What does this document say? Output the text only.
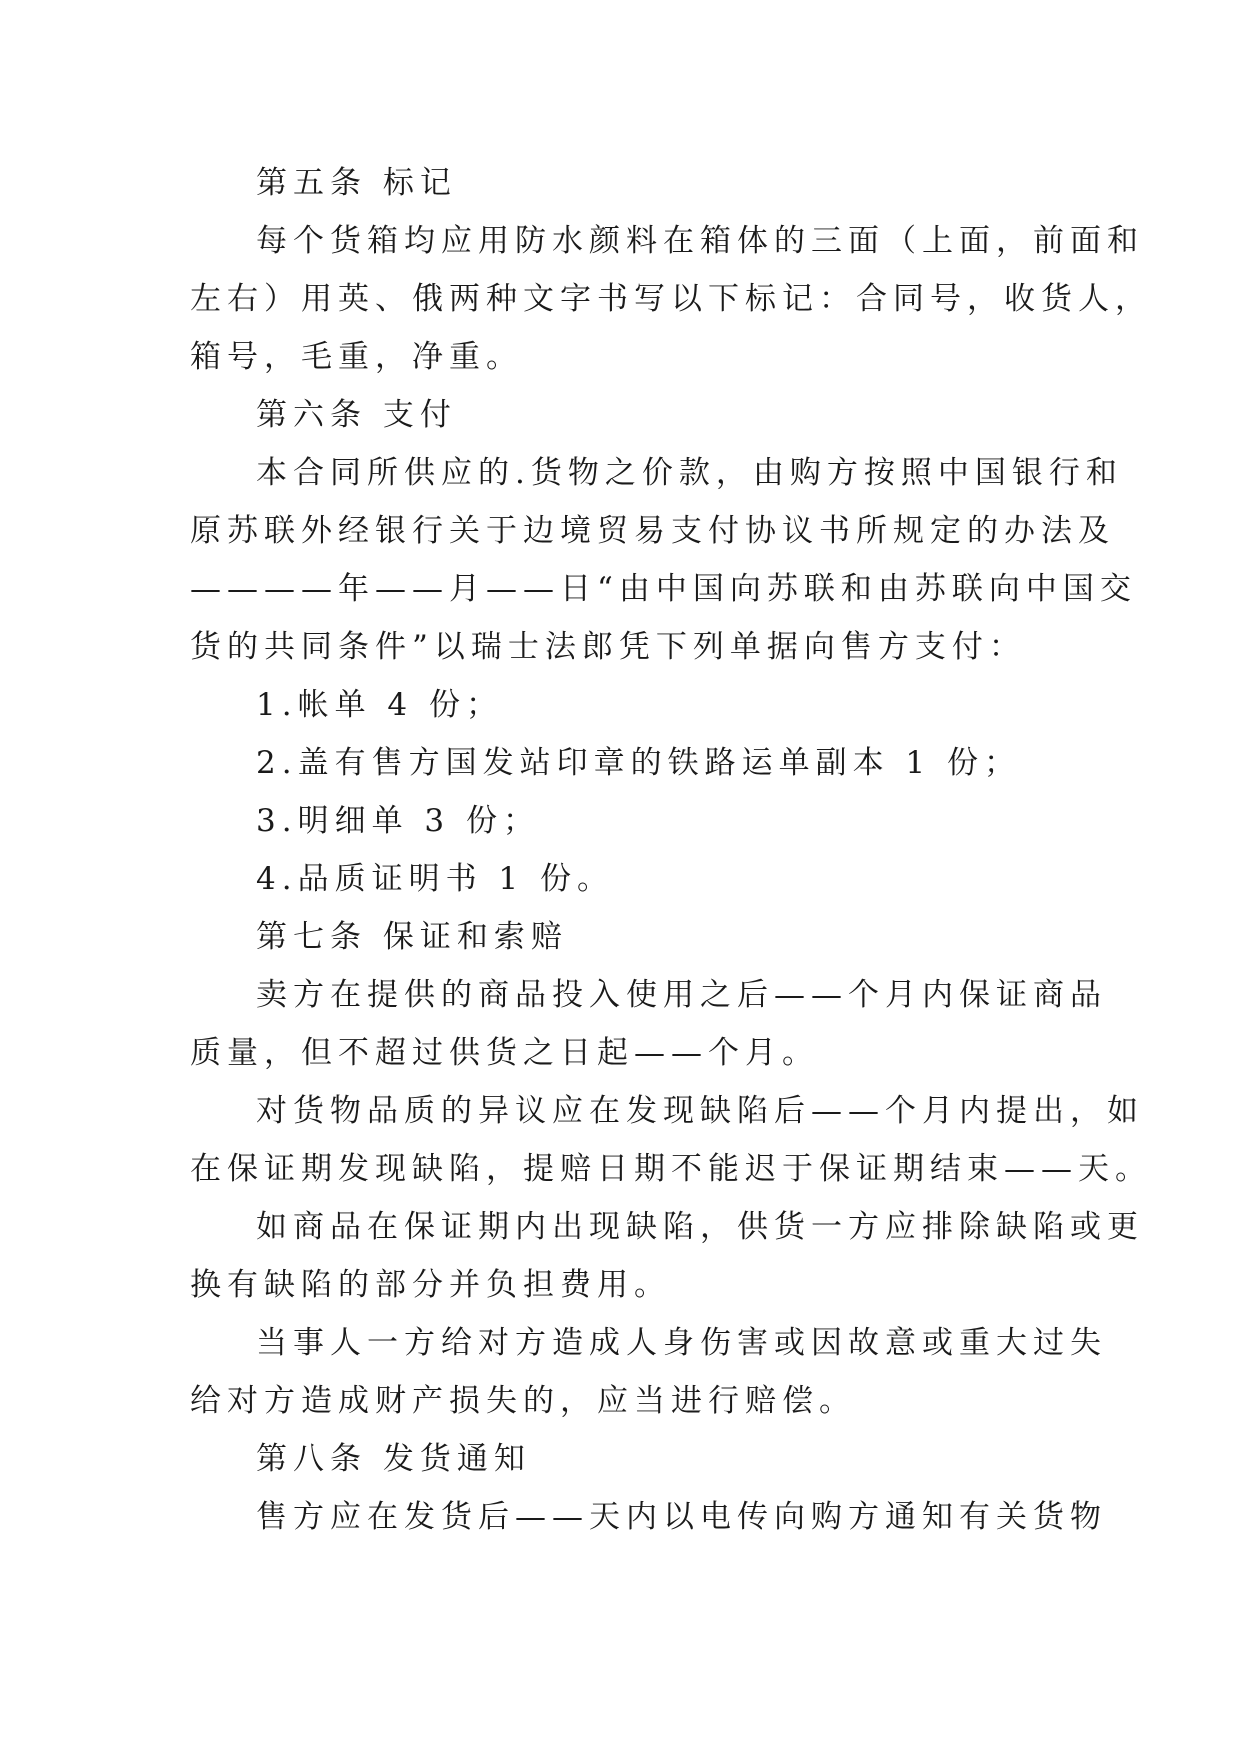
第五条 标记
每个货箱均应用防水颜料在箱体的三面（上面，前面和
左右）用英、俄两种文字书写以下标记：合同号，收货人，
箱号，毛重，净重。
第六条 支付
本合同所供应的.货物之价款，由购方按照中国银行和
原苏联外经银行关于边境贸易支付协议书所规定的办法及
————年——月——日“由中国向苏联和由苏联向中国交
货的共同条件”以瑞士法郎凭下列单据向售方支付：
1.帐单 4 份；
2.盖有售方国发站印章的铁路运单副本 1 份；
3.明细单 3 份；
4.品质证明书 1 份。
第七条 保证和索赔
卖方在提供的商品投入使用之后——个月内保证商品
质量，但不超过供货之日起——个月。
对货物品质的异议应在发现缺陷后——个月内提出，如
在保证期发现缺陷，提赔日期不能迟于保证期结束——天。
如商品在保证期内出现缺陷，供货一方应排除缺陷或更
换有缺陷的部分并负担费用。
当事人一方给对方造成人身伤害或因故意或重大过失
给对方造成财产损失的，应当进行赔偿。
第八条 发货通知
售方应在发货后——天内以电传向购方通知有关货物
